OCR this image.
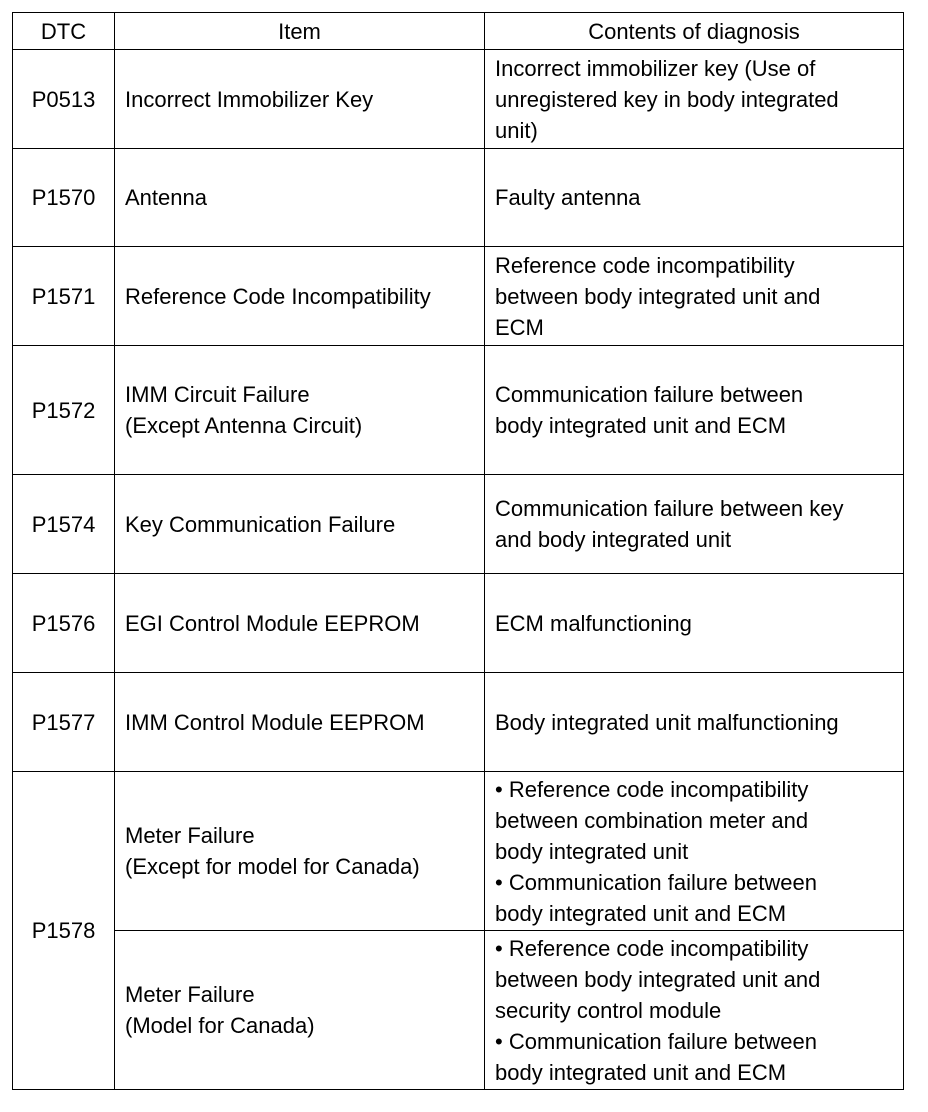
DTC	Item	Contents of diagnosis
P0513	Incorrect Immobilizer Key	Incorrect immobilizer key (Use of
unregistered key in body integrated
unit)

P1570	Antenna	Faulty antenna

P1571	Reference Code Incompatibility	Reference code incompatibility
between body integrated unit and
ECM

P1572	IMM Circuit Failure
(Except Antenna Circuit)	Communication failure between
body integrated unit and ECM

P1574	Key Communication Failure	Communication failure between key
and body integrated unit

P1576	EGI Control Module EEPROM	ECM malfunctioning

P1577	IMM Control Module EEPROM	Body integrated unit malfunctioning

P1578	Meter Failure
(Except for model for Canada)	• Reference code incompatibility
between combination meter and
body integrated unit
• Communication failure between
body integrated unit and ECM

	Meter Failure
(Model for Canada)	• Reference code incompatibility
between body integrated unit and
security control module
• Communication failure between
body integrated unit and ECM
